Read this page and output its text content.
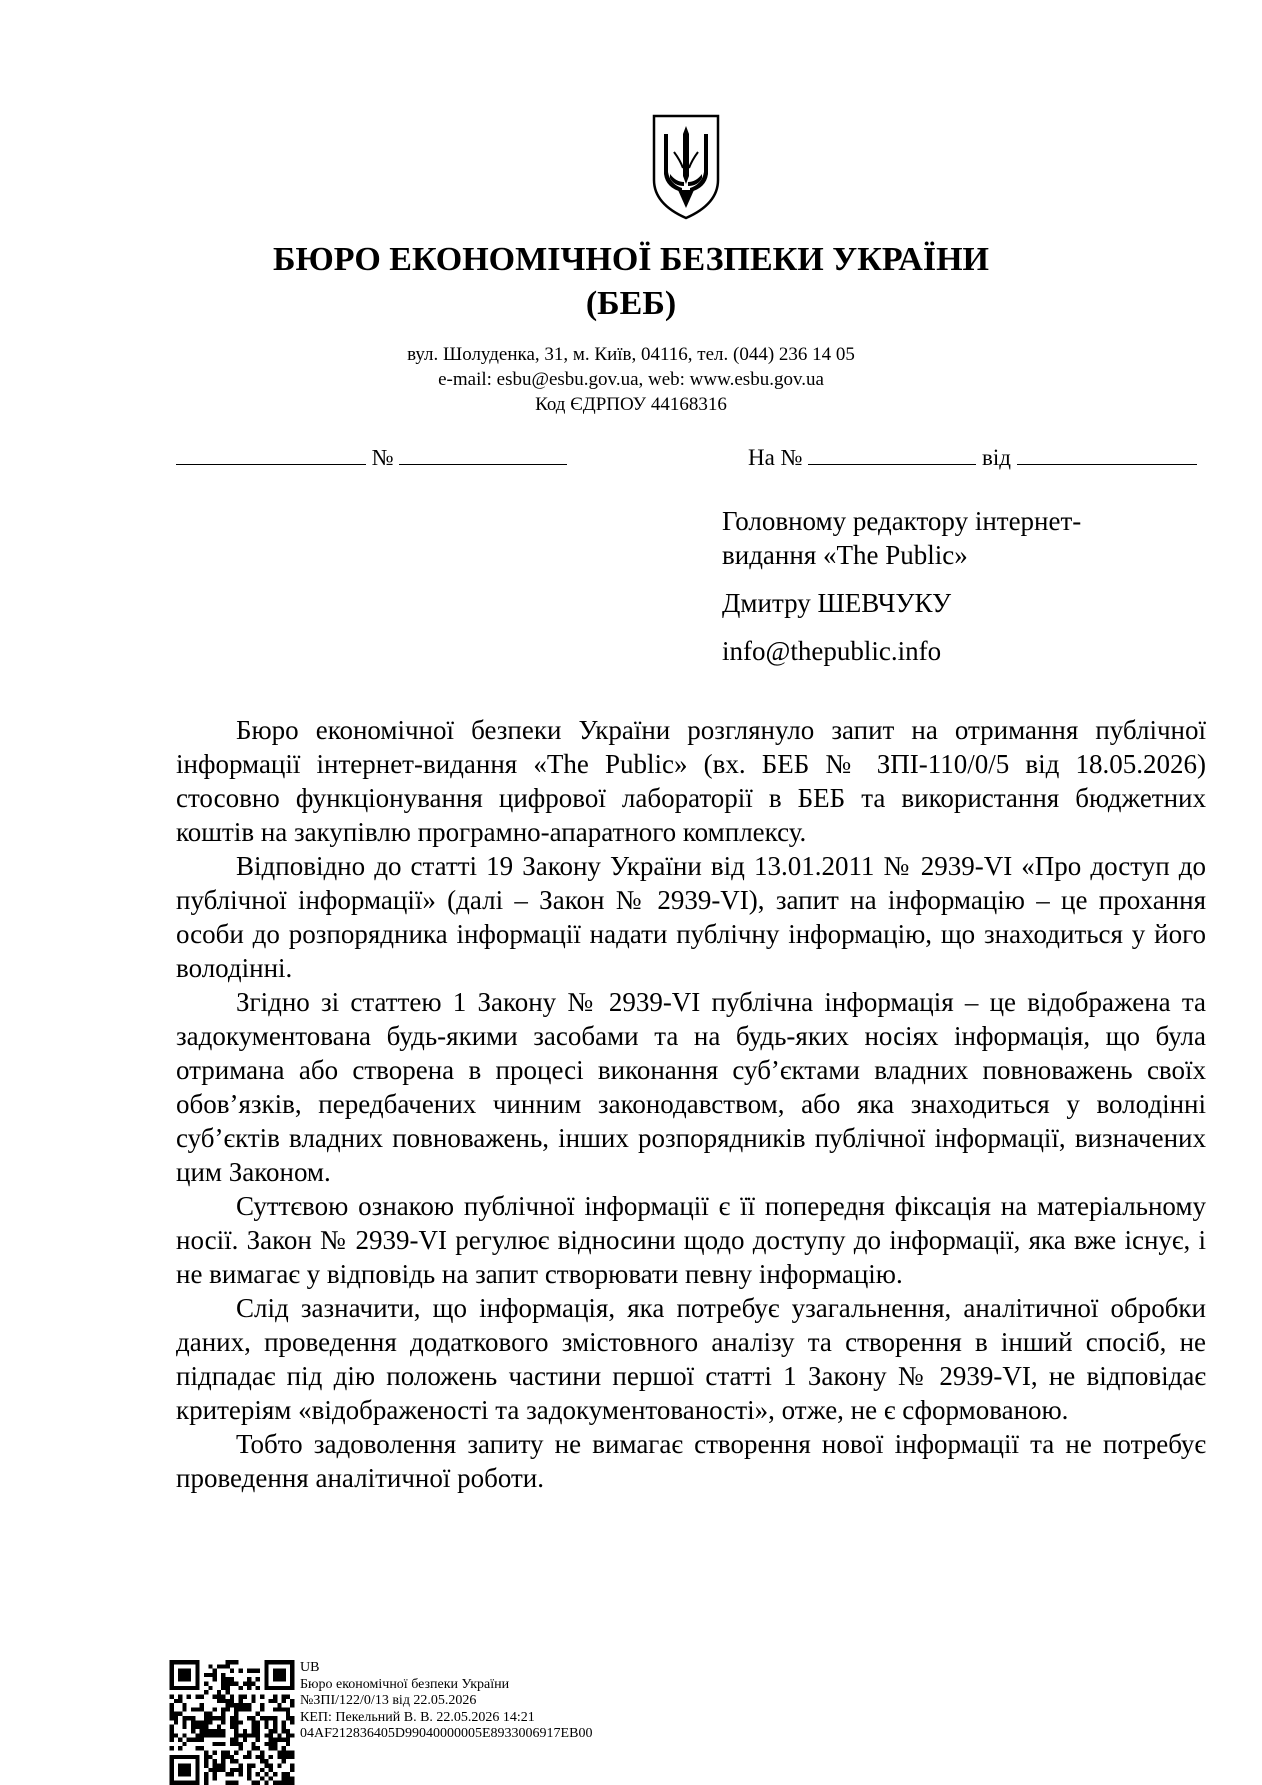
БЮРО ЕКОНОМІЧНОЇ БЕЗПЕКИ УКРАЇНИ
(БЕБ)
вул. Шолуденка, 31, м. Київ, 04116, тел. (044) 236 14 05
e-mail: esbu@esbu.gov.ua, web: www.esbu.gov.ua
Код ЄДРПОУ 44168316
№	На №	від

Головному редактору інтернет-

видання «The Public»

Дмитру ШЕВЧУКУ

info@thepublic.info

Бюро економічної безпеки України розглянуло запит на отримання публічної інформації інтернет-видання «The Public» (вх. БЕБ № ЗПІ-110/0/5 від 18.05.2026) стосовно функціонування цифрової лабораторії в БЕБ та використання бюджетних коштів на закупівлю програмно-апаратного комплексу.

Відповідно до статті 19 Закону України від 13.01.2011 № 2939-VI «Про доступ до публічної інформації» (далі – Закон № 2939-VI), запит на інформацію – це прохання особи до розпорядника інформації надати публічну інформацію, що знаходиться у його володінні.

Згідно зі статтею 1 Закону № 2939-VI публічна інформація – це відображена та задокументована будь-якими засобами та на будь-яких носіях інформація, що була отримана або створена в процесі виконання суб’єктами владних повноважень своїх обов’язків, передбачених чинним законодавством, або яка знаходиться у володінні суб’єктів владних повноважень, інших розпорядників публічної інформації, визначених цим Законом.

Суттєвою ознакою публічної інформації є її попередня фіксація на матеріальному носії. Закон № 2939-VI регулює відносини щодо доступу до інформації, яка вже існує, і не вимагає у відповідь на запит створювати певну інформацію.

Слід зазначити, що інформація, яка потребує узагальнення, аналітичної обробки даних, проведення додаткового змістовного аналізу та створення в інший спосіб, не підпадає під дію положень частини першої статті 1 Закону № 2939-VI, не відповідає критеріям «відображеності та задокументованості», отже, не є сформованою.

Тобто задоволення запиту не вимагає створення нової інформації та не потребує проведення аналітичної роботи.

UB
Бюро економічної безпеки України
№ЗПІ/122/0/13 від 22.05.2026
КЕП: Пекельний В. В. 22.05.2026 14:21
04AF212836405D99040000005E8933006917EB00
